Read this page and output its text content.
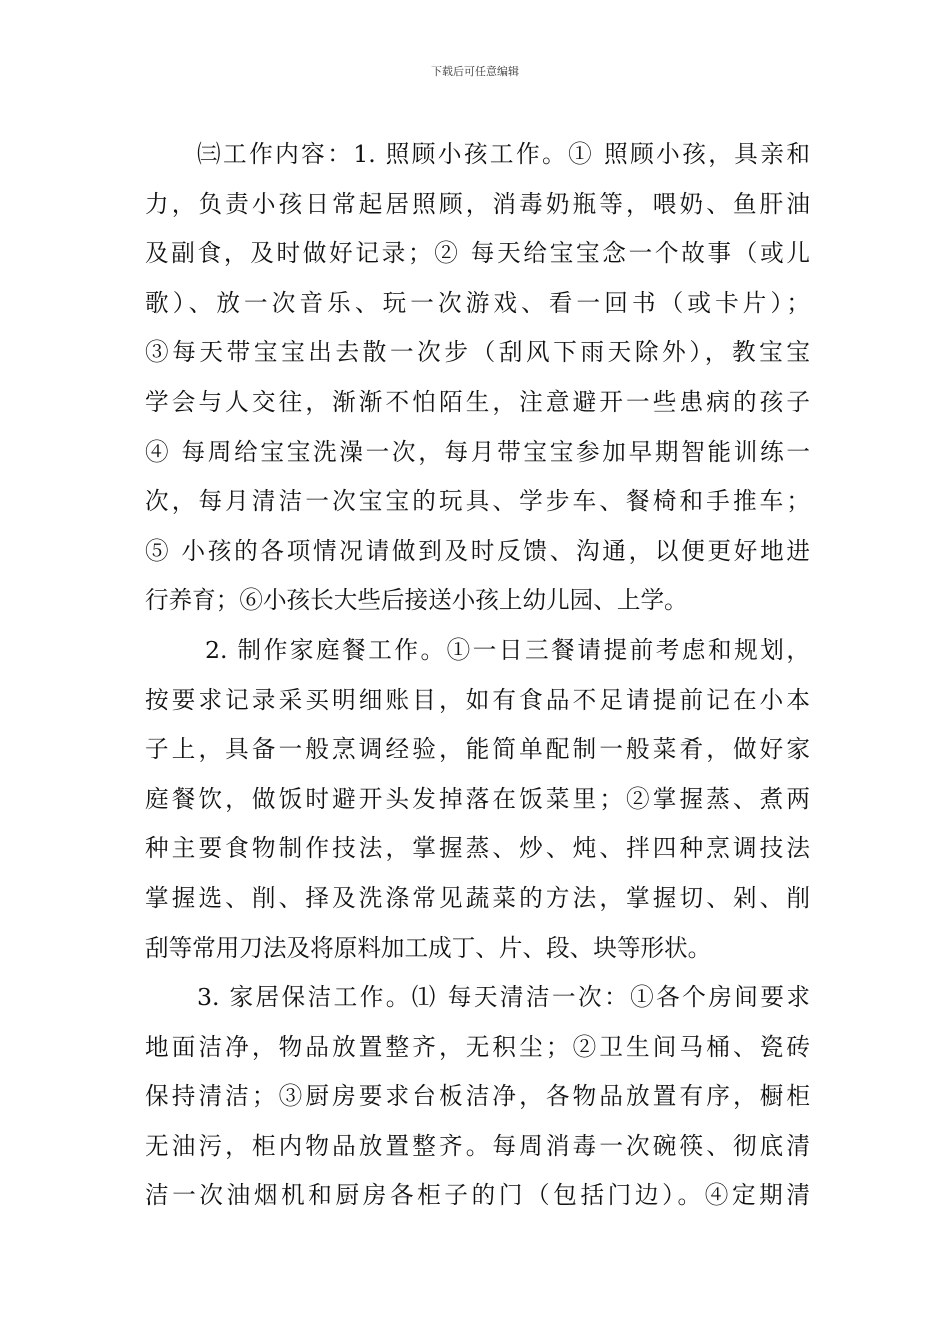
下载后可任意编辑
㈢工作内容：1. 照顾小孩工作。① 照顾小孩，具亲和
力，负责小孩日常起居照顾，消毒奶瓶等，喂奶、鱼肝油
及副食，及时做好记录；② 每天给宝宝念一个故事（或儿
歌）、放一次音乐、玩一次游戏、看一回书（或卡片）；
③每天带宝宝出去散一次步（刮风下雨天除外），教宝宝
学会与人交往，渐渐不怕陌生，注意避开一些患病的孩子
④ 每周给宝宝洗澡一次，每月带宝宝参加早期智能训练一
次，每月清洁一次宝宝的玩具、学步车、餐椅和手推车；
⑤ 小孩的各项情况请做到及时反馈、沟通，以便更好地进
行养育；⑥小孩长大些后接送小孩上幼儿园、上学。
2. 制作家庭餐工作。①一日三餐请提前考虑和规划，
按要求记录采买明细账目，如有食品不足请提前记在小本
子上，具备一般烹调经验，能简单配制一般菜肴，做好家
庭餐饮，做饭时避开头发掉落在饭菜里；②掌握蒸、煮两
种主要食物制作技法，掌握蒸、炒、炖、拌四种烹调技法
掌握选、削、择及洗涤常见蔬菜的方法，掌握切、剁、削
刮等常用刀法及将原料加工成丁、片、段、块等形状。
3. 家居保洁工作。⑴ 每天清洁一次：①各个房间要求
地面洁净，物品放置整齐，无积尘；②卫生间马桶、瓷砖
保持清洁；③厨房要求台板洁净，各物品放置有序，橱柜
无油污，柜内物品放置整齐。每周消毒一次碗筷、彻底清
洁一次油烟机和厨房各柜子的门（包括门边）。④定期清
